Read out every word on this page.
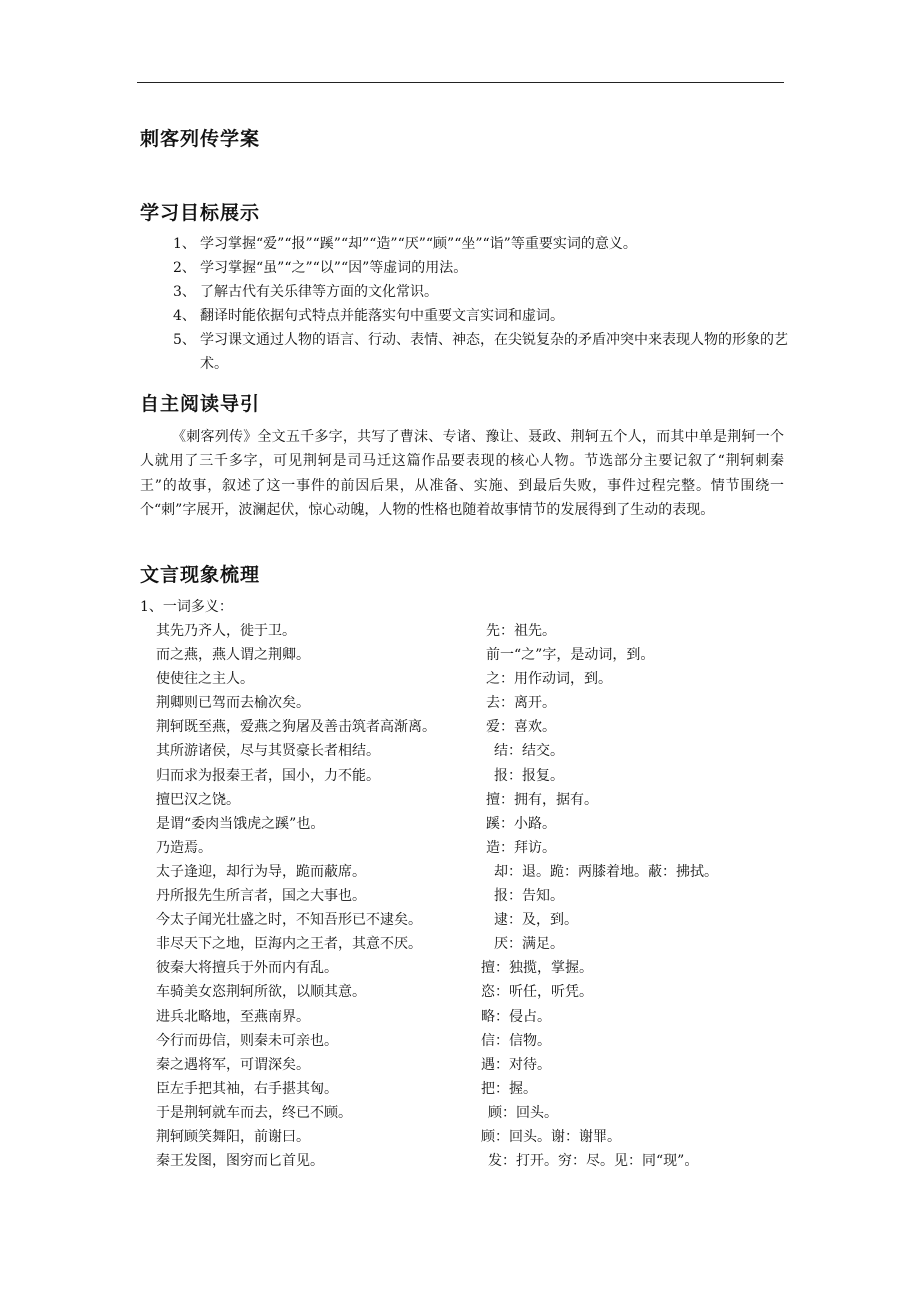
刺客列传学案
学习目标展示
1、 学习掌握“爱”“报”“蹊”“却”“造”“厌”“顾”“坐”“诣”等重要实词的意义。
2、 学习掌握“虽”“之”“以”“因”等虚词的用法。
3、 了解古代有关乐律等方面的文化常识。
4、 翻译时能依据句式特点并能落实句中重要文言实词和虚词。
5、 学习课文通过人物的语言、行动、表情、神态，在尖锐复杂的矛盾冲突中来表现人物的形象的艺术。
自主阅读导引

《刺客列传》全文五千多字，共写了曹沫、专诸、豫让、聂政、荆轲五个人，而其中单是荆轲一个人就用了三千多字，可见荆轲是司马迁这篇作品要表现的核心人物。节选部分主要记叙了“荆轲刺秦王”的故事，叙述了这一事件的前因后果，从准备、实施、到最后失败，事件过程完整。情节围绕一个“刺”字展开，波澜起伏，惊心动魄，人物的性格也随着故事情节的发展得到了生动的表现。

文言现象梳理
1、一词多义：
其先乃齐人，徙于卫。	先：祖先。
而之燕，燕人谓之荆卿。	前一“之”字，是动词，到。
使使往之主人。	之：用作动词，到。
荆卿则已驾而去榆次矣。	去：离开。
荆轲既至燕，爱燕之狗屠及善击筑者高渐离。	爱：喜欢。
其所游诸侯，尽与其贤豪长者相结。	结：结交。
归而求为报秦王者，国小，力不能。	报：报复。
擅巴汉之饶。	擅：拥有，据有。
是谓“委肉当饿虎之蹊”也。	蹊：小路。
乃造焉。	造：拜访。
太子逢迎，却行为导，跪而蔽席。	却：退。跪：两膝着地。蔽：拂拭。
丹所报先生所言者，国之大事也。	报：告知。
今太子闻光壮盛之时，不知吾形已不逮矣。	逮：及，到。
非尽天下之地，臣海内之王者，其意不厌。	厌：满足。
彼秦大将擅兵于外而内有乱。	擅：独揽，掌握。
车骑美女恣荆轲所欲，以顺其意。	恣：听任，听凭。
进兵北略地，至燕南界。	略：侵占。
今行而毋信，则秦未可亲也。	信：信物。
秦之遇将军，可谓深矣。	遇：对待。
臣左手把其袖，右手揕其匈。	把：握。
于是荆轲就车而去，终已不顾。	顾：回头。
荆轲顾笑舞阳，前谢曰。	顾：回头。谢：谢罪。
秦王发图，图穷而匕首见。	发：打开。穷：尽。见：同“现”。
